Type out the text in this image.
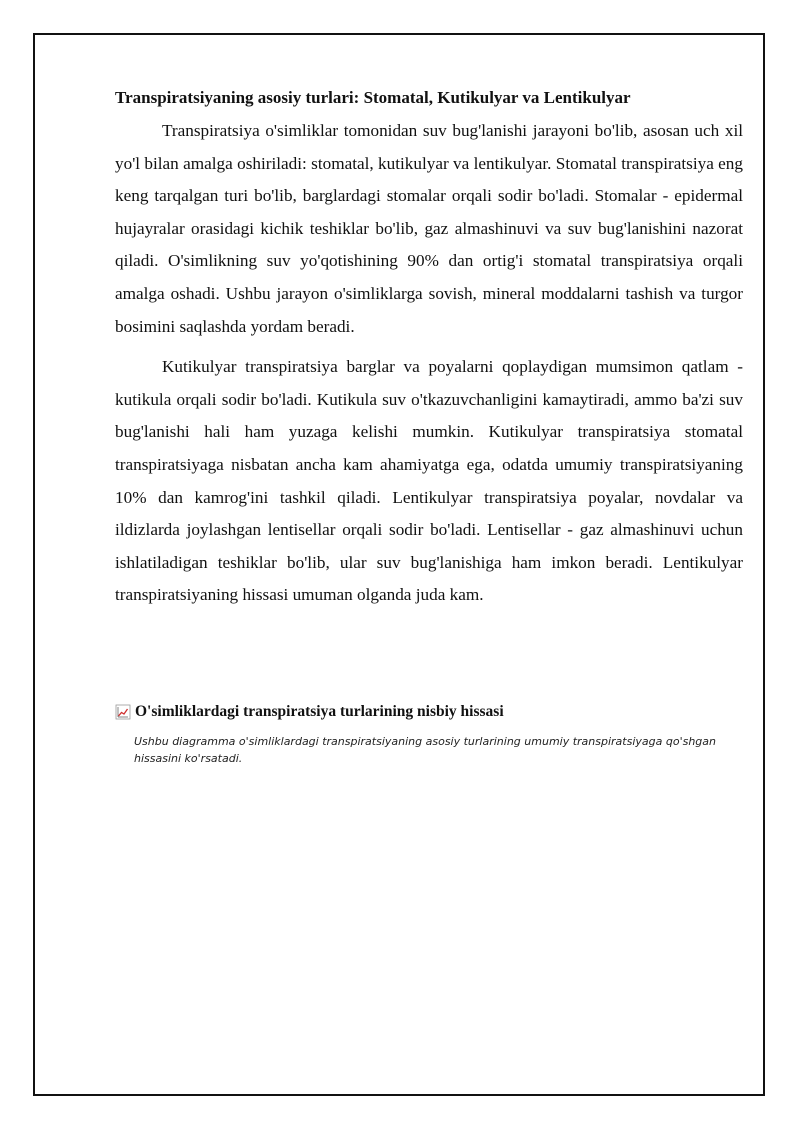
Transpiratsiyaning asosiy turlari: Stomatal, Kutikulyar va Lentikulyar

Transpiratsiya o'simliklar tomonidan suv bug'lanishi jarayoni bo'lib, asosan uch xil yo'l bilan amalga oshiriladi: stomatal, kutikulyar va lentikulyar. Stomatal transpiratsiya eng keng tarqalgan turi bo'lib, barglardagi stomalar orqali sodir bo'ladi. Stomalar - epidermal hujayralar orasidagi kichik teshiklar bo'lib, gaz almashinuvi va suv bug'lanishini nazorat qiladi. O'simlikning suv yo'qotishining 90% dan ortig'i stomatal transpiratsiya orqali amalga oshadi. Ushbu jarayon o'simliklarga sovish, mineral moddalarni tashish va turgor bosimini saqlashda yordam beradi.

Kutikulyar transpiratsiya barglar va poyalarni qoplaydigan mumsimon qatlam - kutikula orqali sodir bo'ladi. Kutikula suv o'tkazuvchanligini kamaytiradi, ammo ba'zi suv bug'lanishi hali ham yuzaga kelishi mumkin. Kutikulyar transpiratsiya stomatal transpiratsiyaga nisbatan ancha kam ahamiyatga ega, odatda umumiy transpiratsiyaning 10% dan kamrog'ini tashkil qiladi. Lentikulyar transpiratsiya poyalar, novdalar va ildizlarda joylashgan lentisellar orqali sodir bo'ladi. Lentisellar - gaz almashinuvi uchun ishlatiladigan teshiklar bo'lib, ular suv bug'lanishiga ham imkon beradi. Lentikulyar transpiratsiyaning hissasi umuman olganda juda kam.

O'simliklardagi transpiratsiya turlarining nisbiy hissasi
Ushbu diagramma o'simliklardagi transpiratsiyaning asosiy turlarining umumiy transpiratsiyaga qo'shgan hissasini ko'rsatadi.
